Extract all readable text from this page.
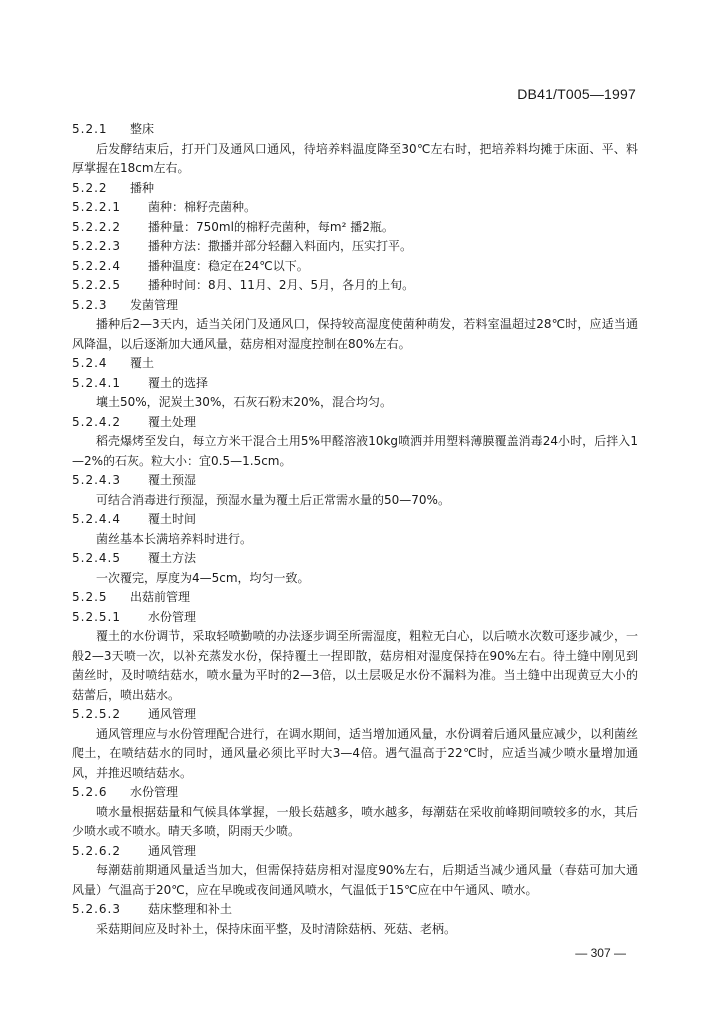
DB41/T005—1997
5.2.1 整床
后发酵结束后，打开门及通风口通风，待培养料温度降至30℃左右时，把培养料均摊于床面、平、料厚掌握在18cm左右。
5.2.2 播种
5.2.2.1 菌种：棉籽壳菌种。
5.2.2.2 播种量：750ml的棉籽壳菌种，每m² 播2瓶。
5.2.2.3 播种方法：撒播并部分轻翻入料面内，压实打平。
5.2.2.4 播种温度：稳定在24℃以下。
5.2.2.5 播种时间：8月、11月、2月、5月，各月的上旬。
5.2.3 发菌管理
播种后2—3天内，适当关闭门及通风口，保持较高湿度使菌种萌发，若料室温超过28℃时，应适当通风降温，以后逐渐加大通风量，菇房相对湿度控制在80%左右。
5.2.4 覆土
5.2.4.1 覆土的选择
壤土50%，泥炭土30%，石灰石粉末20%，混合均匀。
5.2.4.2 覆土处理
稻壳爆烤至发白，每立方米干混合土用5%甲醛溶液10kg喷洒并用塑料薄膜覆盖消毒24小时，后拌入1—2%的石灰。粒大小：宜0.5—1.5cm。
5.2.4.3 覆土预湿
可结合消毒进行预湿，预湿水量为覆土后正常需水量的50—70%。
5.2.4.4 覆土时间
菌丝基本长满培养料时进行。
5.2.4.5 覆土方法
一次覆完，厚度为4—5cm，均匀一致。
5.2.5 出菇前管理
5.2.5.1 水份管理
覆土的水份调节，采取轻喷勤喷的办法逐步调至所需湿度，粗粒无白心，以后喷水次数可逐步减少，一般2—3天喷一次，以补充蒸发水份，保持覆土一捏即散，菇房相对湿度保持在90%左右。待土缝中刚见到菌丝时，及时喷结菇水，喷水量为平时的2—3倍，以土层吸足水份不漏料为准。当土缝中出现黄豆大小的菇蕾后，喷出菇水。
5.2.5.2 通风管理
通风管理应与水份管理配合进行，在调水期间，适当增加通风量，水份调着后通风量应减少，以利菌丝爬土，在喷结菇水的同时，通风量必须比平时大3—4倍。遇气温高于22℃时，应适当减少喷水量增加通风，并推迟喷结菇水。
5.2.6 水份管理
喷水量根据菇量和气候具体掌握，一般长菇越多，喷水越多，每潮菇在采收前峰期间喷较多的水，其后少喷水或不喷水。晴天多喷，阴雨天少喷。
5.2.6.2 通风管理
每潮菇前期通风量适当加大，但需保持菇房相对湿度90%左右，后期适当减少通风量（春菇可加大通风量）气温高于20℃，应在早晚或夜间通风喷水，气温低于15℃应在中午通风、喷水。
5.2.6.3 菇床整理和补土
采菇期间应及时补土，保持床面平整，及时清除菇柄、死菇、老柄。
— 307 —
